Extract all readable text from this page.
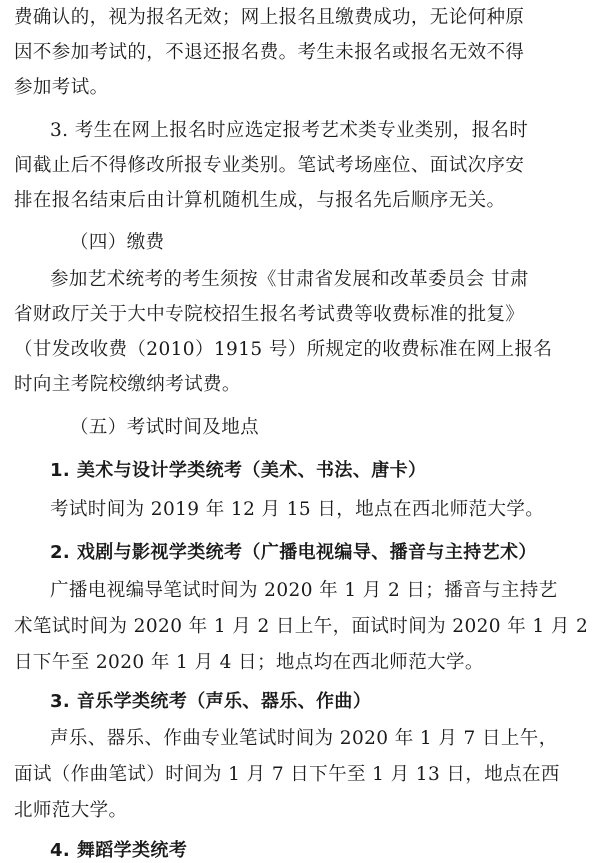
费确认的，视为报名无效；网上报名且缴费成功，无论何种原
因不参加考试的，不退还报名费。考生未报名或报名无效不得
参加考试。
3. 考生在网上报名时应选定报考艺术类专业类别，报名时
间截止后不得修改所报专业类别。笔试考场座位、面试次序安
排在报名结束后由计算机随机生成，与报名先后顺序无关。
（四）缴费
参加艺术统考的考生须按《甘肃省发展和改革委员会 甘肃
省财政厅关于大中专院校招生报名考试费等收费标准的批复》
（甘发改收费（2010）1915 号）所规定的收费标准在网上报名
时向主考院校缴纳考试费。
（五）考试时间及地点
1. 美术与设计学类统考（美术、书法、唐卡）
考试时间为 2019 年 12 月 15 日，地点在西北师范大学。
2. 戏剧与影视学类统考（广播电视编导、播音与主持艺术）
广播电视编导笔试时间为 2020 年 1 月 2 日；播音与主持艺
术笔试时间为 2020 年 1 月 2 日上午，面试时间为 2020 年 1 月 2
日下午至 2020 年 1 月 4 日；地点均在西北师范大学。
3. 音乐学类统考（声乐、器乐、作曲）
声乐、器乐、作曲专业笔试时间为 2020 年 1 月 7 日上午，
面试（作曲笔试）时间为 1 月 7 日下午至 1 月 13 日，地点在西
北师范大学。
4. 舞蹈学类统考
